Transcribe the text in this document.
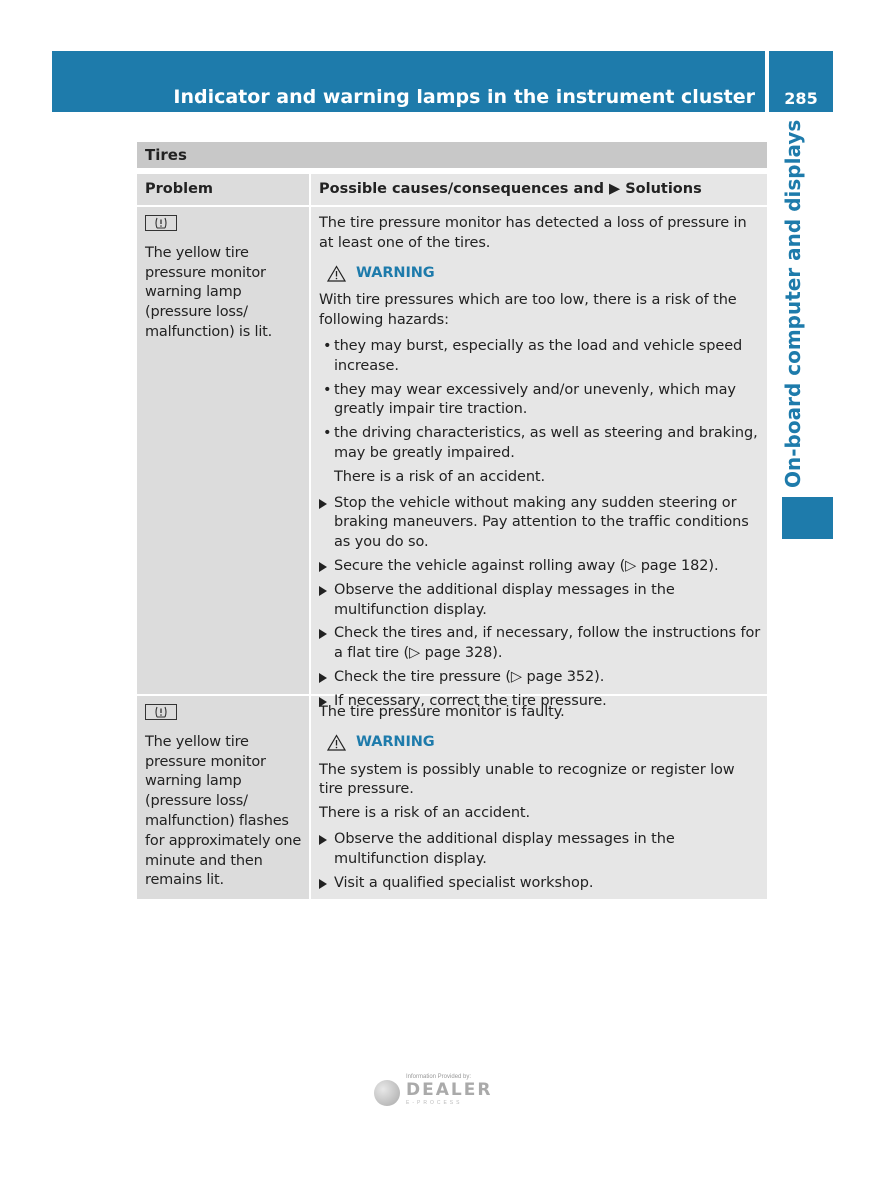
Indicator and warning lamps in the instrument cluster	285
On-board computer and displays
Tires
Problem	Possible causes/consequences and ▶ Solutions

The yellow tire pressure monitor warning lamp (pressure loss/ malfunction) is lit.

The tire pressure monitor has detected a loss of pressure in at least one of the tires.

WARNING

With tire pressures which are too low, there is a risk of the following hazards:

• they may burst, especially as the load and vehicle speed increase.
• they may wear excessively and/or unevenly, which may greatly impair tire traction.
• the driving characteristics, as well as steering and braking, may be greatly impaired.
There is a risk of an accident.
Stop the vehicle without making any sudden steering or braking maneuvers. Pay attention to the traffic conditions as you do so.
Secure the vehicle against rolling away (▷ page 182).
Observe the additional display messages in the multifunction display.
Check the tires and, if necessary, follow the instructions for a flat tire (▷ page 328).
Check the tire pressure (▷ page 352).
If necessary, correct the tire pressure.

The yellow tire pressure monitor warning lamp (pressure loss/ malfunction) flashes for approximately one minute and then remains lit.

The tire pressure monitor is faulty.

WARNING

The system is possibly unable to recognize or register low tire pressure.

There is a risk of an accident.

Observe the additional display messages in the multifunction display.
Visit a qualified specialist workshop.
Information Provided by:
DEALER
E-PROCESS
